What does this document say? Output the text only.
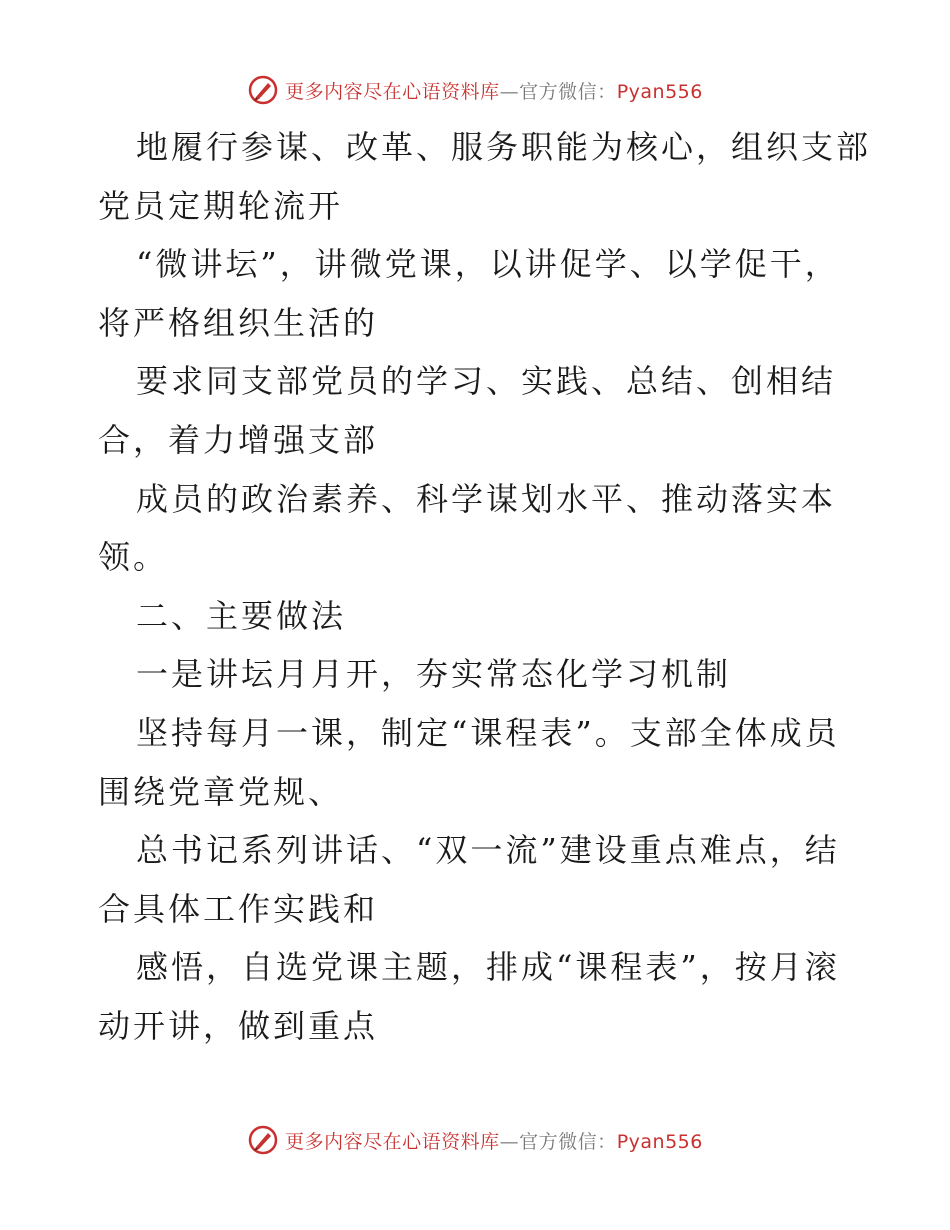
更多内容尽在心语资料库—官方微信：Pyan556
地履行参谋、改革、服务职能为核心，组织支部
党员定期轮流开
“微讲坛”，讲微党课，以讲促学、以学促干，
将严格组织生活的
要求同支部党员的学习、实践、总结、创相结
合，着力增强支部
成员的政治素养、科学谋划水平、推动落实本
领。
二、主要做法
一是讲坛月月开，夯实常态化学习机制
坚持每月一课，制定“课程表”。支部全体成员
围绕党章党规、
总书记系列讲话、“双一流”建设重点难点，结
合具体工作实践和
感悟，自选党课主题，排成“课程表”，按月滚
动开讲，做到重点
更多内容尽在心语资料库—官方微信：Pyan556
